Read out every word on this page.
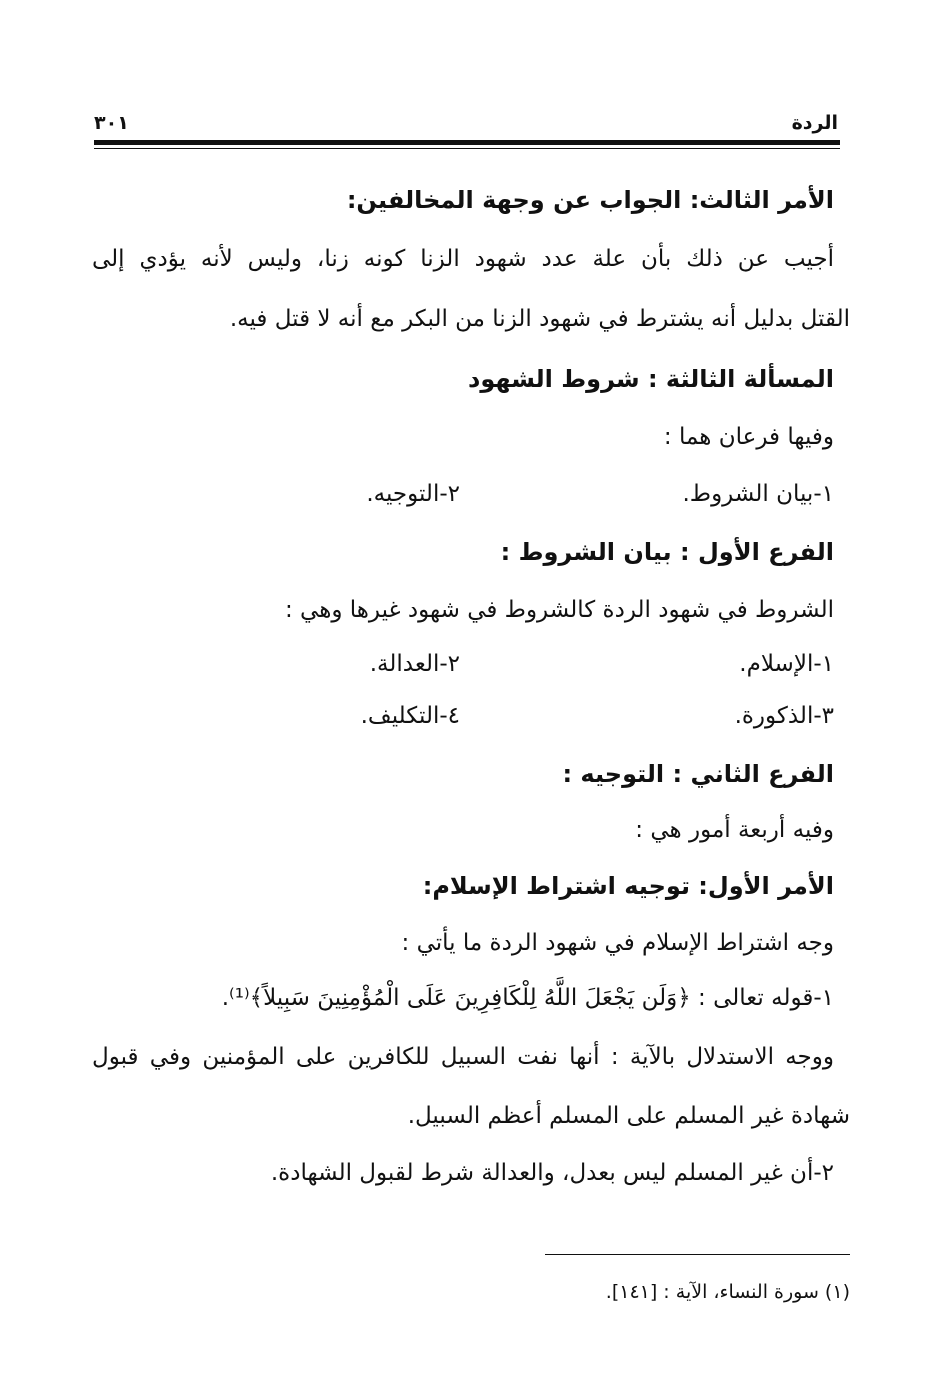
الردة
٣٠١
الأمر الثالث: الجواب عن وجهة المخالفين:
أجيب عن ذلك بأن علة عدد شهود الزنا كونه زنا، وليس لأنه يؤدي إلى
القتل بدليل أنه يشترط في شهود الزنا من البكر مع أنه لا قتل فيه.
المسألة الثالثة : شروط الشهود
وفيها فرعان هما :
١-بيان الشروط.
٢-التوجيه.
الفرع الأول : بيان الشروط :
الشروط في شهود الردة كالشروط في شهود غيرها وهي :
١-الإسلام.
٢-العدالة.
٣-الذكورة.
٤-التكليف.
الفرع الثاني : التوجيه :
وفيه أربعة أمور هي :
الأمر الأول: توجيه اشتراط الإسلام:
وجه اشتراط الإسلام في شهود الردة ما يأتي :
١-قوله تعالى : ﴿وَلَن يَجْعَلَ اللَّهُ لِلْكَافِرِينَ عَلَى الْمُؤْمِنِينَ سَبِيلاً﴾⁽¹⁾.
ووجه الاستدلال بالآية : أنها نفت السبيل للكافرين على المؤمنين وفي قبول
شهادة غير المسلم على المسلم أعظم السبيل.
٢-أن غير المسلم ليس بعدل، والعدالة شرط لقبول الشهادة.
(١) سورة النساء، الآية : [١٤١].
